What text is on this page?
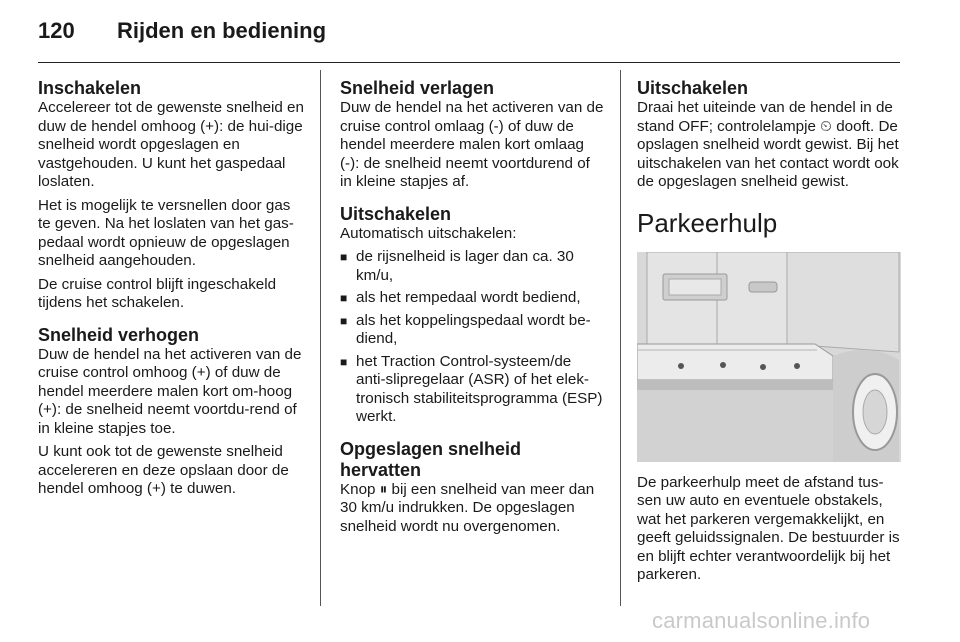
120 Rijden en bediening
Inschakelen

Accelereer tot de gewenste snelheid en duw de hendel omhoog (+): de hui-dige snelheid wordt opgeslagen en vastgehouden. U kunt het gaspedaal loslaten.

Het is mogelijk te versnellen door gas te geven. Na het loslaten van het gas-pedaal wordt opnieuw de opgeslagen snelheid aangehouden.

De cruise control blijft ingeschakeld tijdens het schakelen.

Snelheid verhogen

Duw de hendel na het activeren van de cruise control omhoog (+) of duw de hendel meerdere malen kort om-hoog (+): de snelheid neemt voortdu-rend of in kleine stapjes toe.

U kunt ook tot de gewenste snelheid accelereren en deze opslaan door de hendel omhoog (+) te duwen.

Snelheid verlagen

Duw de hendel na het activeren van de cruise control omlaag (-) of duw de hendel meerdere malen kort omlaag (-): de snelheid neemt voortdurend of in kleine stapjes af.

Uitschakelen

Automatisch uitschakelen:

■ de rijsnelheid is lager dan ca. 30 km/u,
■ als het rempedaal wordt bediend,
■ als het koppelingspedaal wordt be-diend,
■ het Traction Control-systeem/de anti-slipregelaar (ASR) of het elek-tronisch stabiliteitsprogramma (ESP) werkt.
Opgeslagen snelheid hervatten

Knop ⏸ bij een snelheid van meer dan 30 km/u indrukken. De opgeslagen snelheid wordt nu overgenomen.

Uitschakelen

Draai het uiteinde van de hendel in de stand OFF; controlelampje ⏲ dooft. De opslagen snelheid wordt gewist. Bij het uitschakelen van het contact wordt ook de opgeslagen snelheid gewist.

Parkeerhulp

De parkeerhulp meet de afstand tus-sen uw auto en eventuele obstakels, wat het parkeren vergemakkelijkt, en geeft geluidssignalen. De bestuurder is en blijft echter verantwoordelijk bij het parkeren.

carmanualsonline.info
